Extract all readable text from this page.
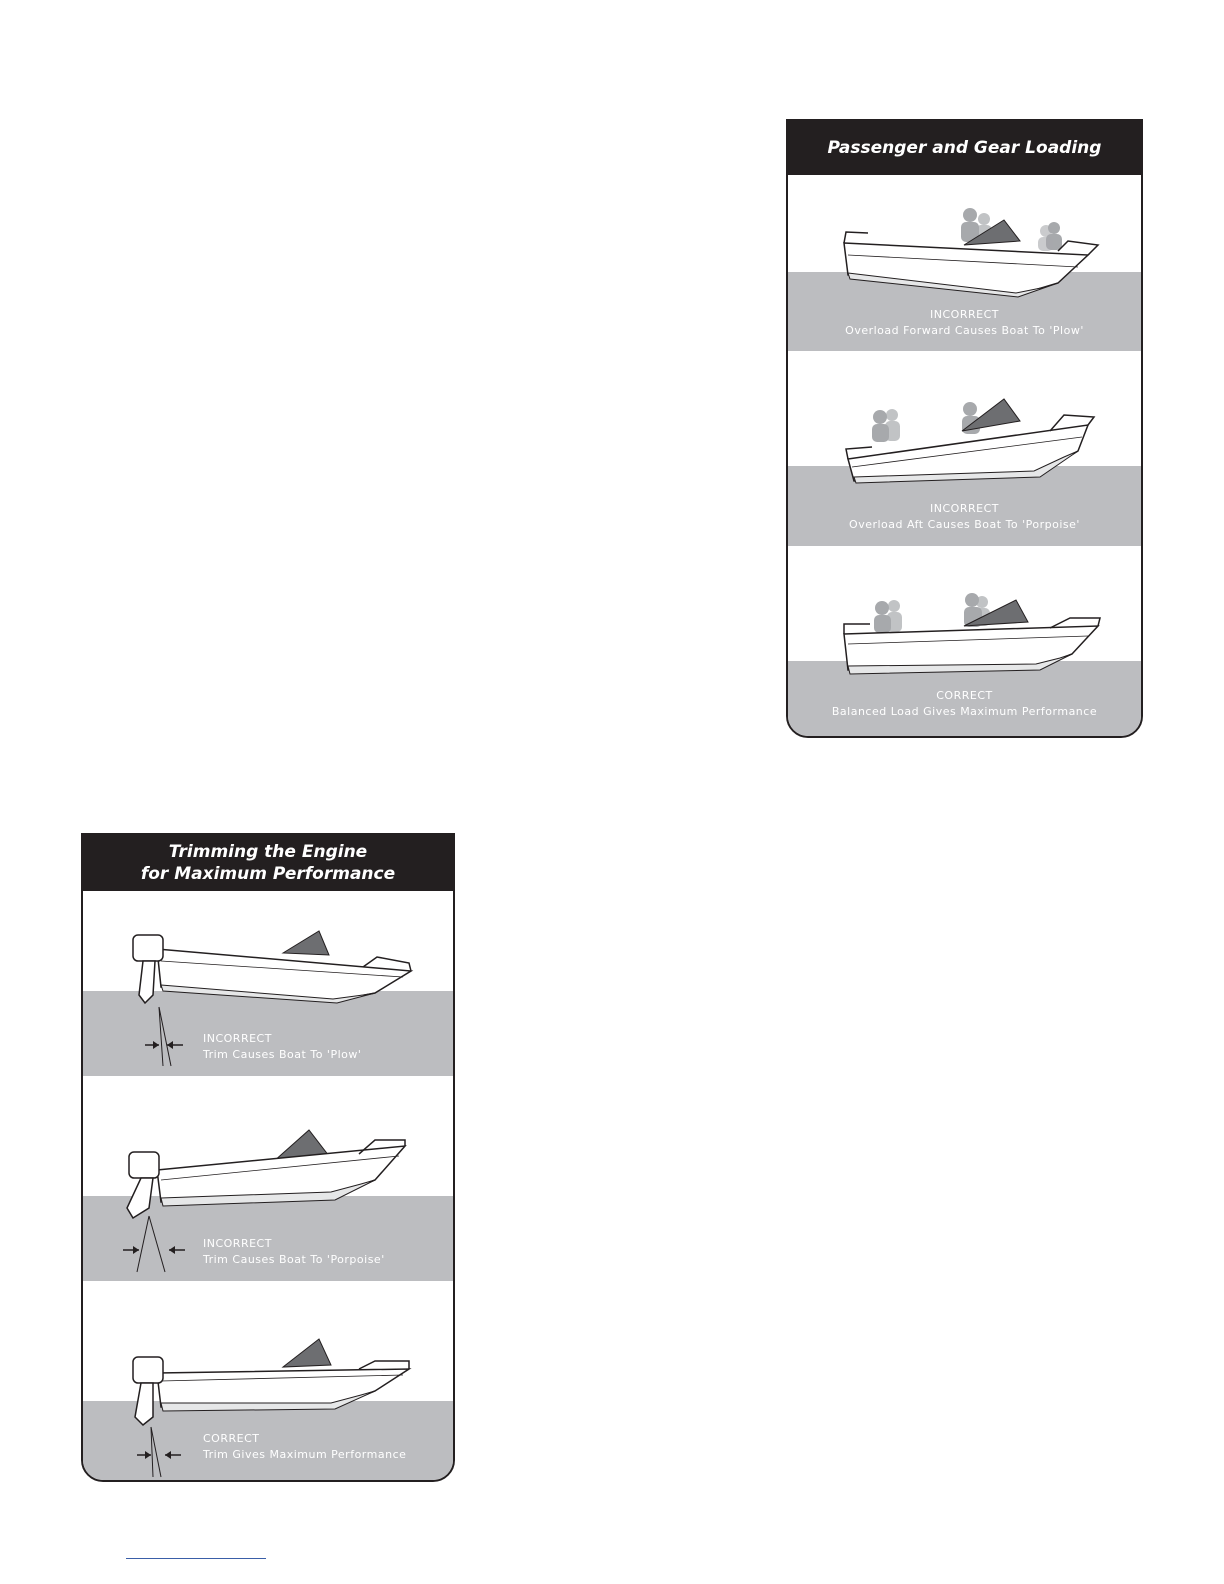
Passenger and Gear Loading
INCORRECT
Overload Forward Causes Boat To 'Plow'
INCORRECT
Overload Aft Causes Boat To 'Porpoise'
CORRECT
Balanced Load Gives Maximum Performance
Trimming the Engine
for Maximum Performance
INCORRECT
Trim Causes Boat To 'Plow'
INCORRECT
Trim Causes Boat To 'Porpoise'
CORRECT
Trim Gives Maximum Performance
